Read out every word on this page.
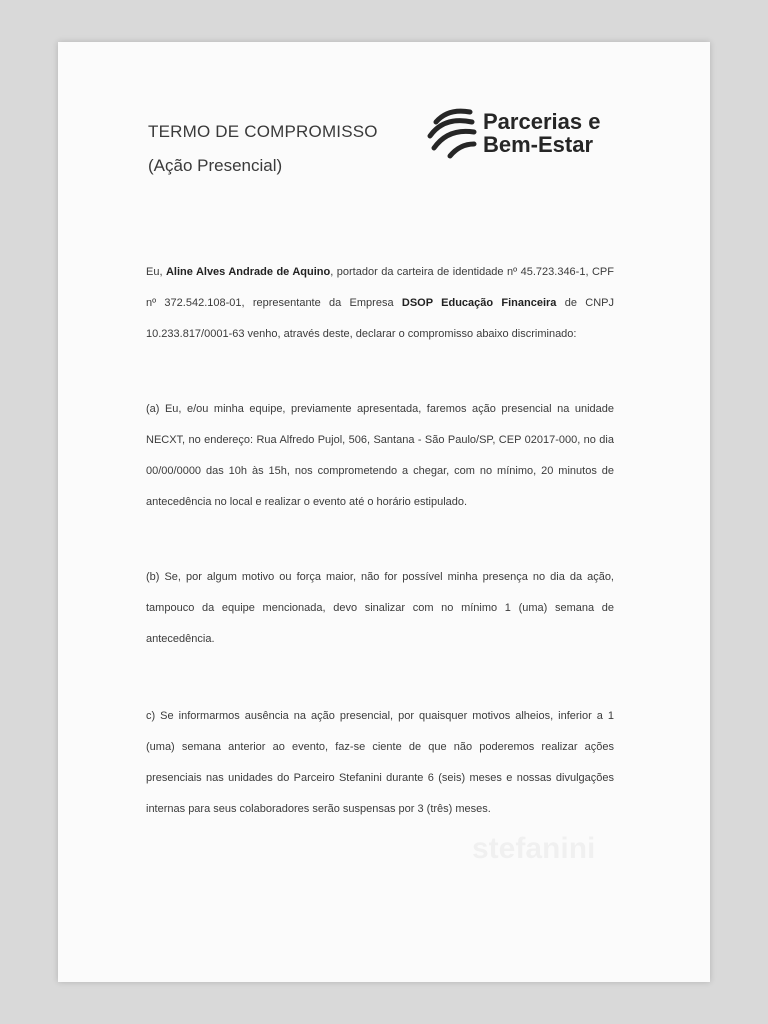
TERMO DE COMPROMISSO
(Ação Presencial)
Parcerias e
Bem-Estar

Eu, Aline Alves Andrade de Aquino, portador da carteira de identidade nº 45.723.346-1, CPF nº 372.542.108-01, representante da Empresa DSOP Educação Financeira de CNPJ 10.233.817/0001-63 venho, através deste, declarar o compromisso abaixo discriminado:

(a) Eu, e/ou minha equipe, previamente apresentada, faremos ação presencial na unidade NECXT, no endereço: Rua Alfredo Pujol, 506, Santana - São Paulo/SP, CEP 02017-000, no dia 00/00/0000 das 10h às 15h, nos comprometendo a chegar, com no mínimo, 20 minutos de antecedência no local e realizar o evento até o horário estipulado.

(b) Se, por algum motivo ou força maior, não for possível minha presença no dia da ação, tampouco da equipe mencionada, devo sinalizar com no mínimo 1 (uma) semana de antecedência.

c) Se informarmos ausência na ação presencial, por quaisquer motivos alheios, inferior a 1 (uma) semana anterior ao evento, faz-se ciente de que não poderemos realizar ações presenciais nas unidades do Parceiro Stefanini durante 6 (seis) meses e nossas divulgações internas para seus colaboradores serão suspensas por 3 (três) meses.
